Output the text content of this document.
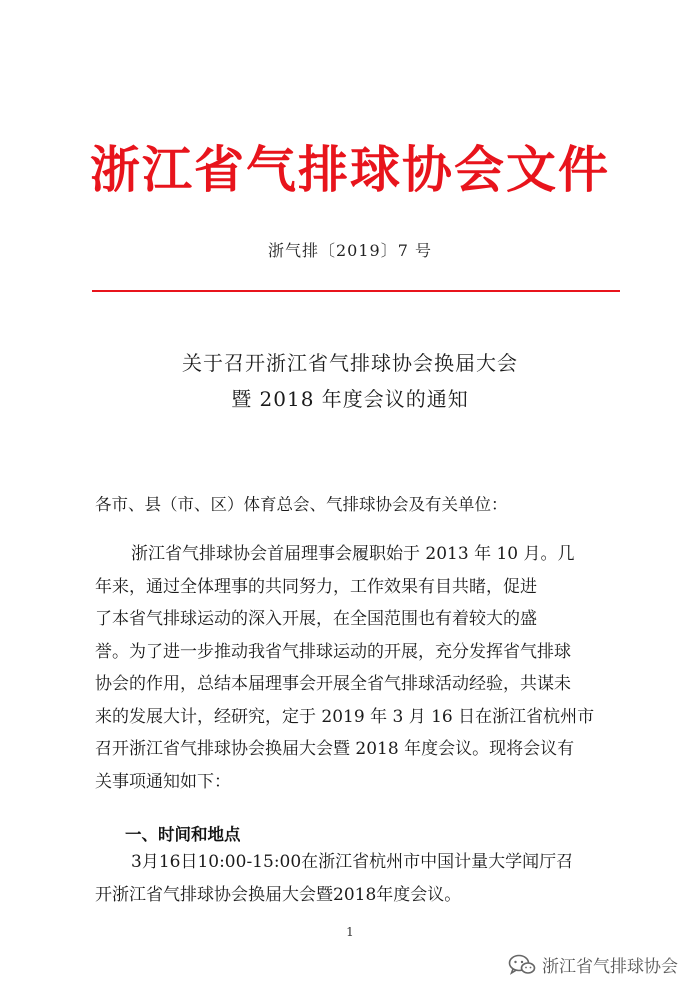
浙江省气排球协会文件
浙气排〔2019〕7 号
关于召开浙江省气排球协会换届大会
暨 2018 年度会议的通知
各市、县（市、区）体育总会、气排球协会及有关单位：
浙江省气排球协会首届理事会履职始于 2013 年 10 月。几
年来，通过全体理事的共同努力，工作效果有目共睹，促进
了本省气排球运动的深入开展，在全国范围也有着较大的盛
誉。为了进一步推动我省气排球运动的开展，充分发挥省气排球
协会的作用，总结本届理事会开展全省气排球活动经验，共谋未
来的发展大计，经研究，定于 2019 年 3 月 16 日在浙江省杭州市
召开浙江省气排球协会换届大会暨 2018 年度会议。现将会议有
关事项通知如下：
一、时间和地点
3月16日10:00-15:00在浙江省杭州市中国计量大学闻厅召
开浙江省气排球协会换届大会暨2018年度会议。
1
浙江省气排球协会
